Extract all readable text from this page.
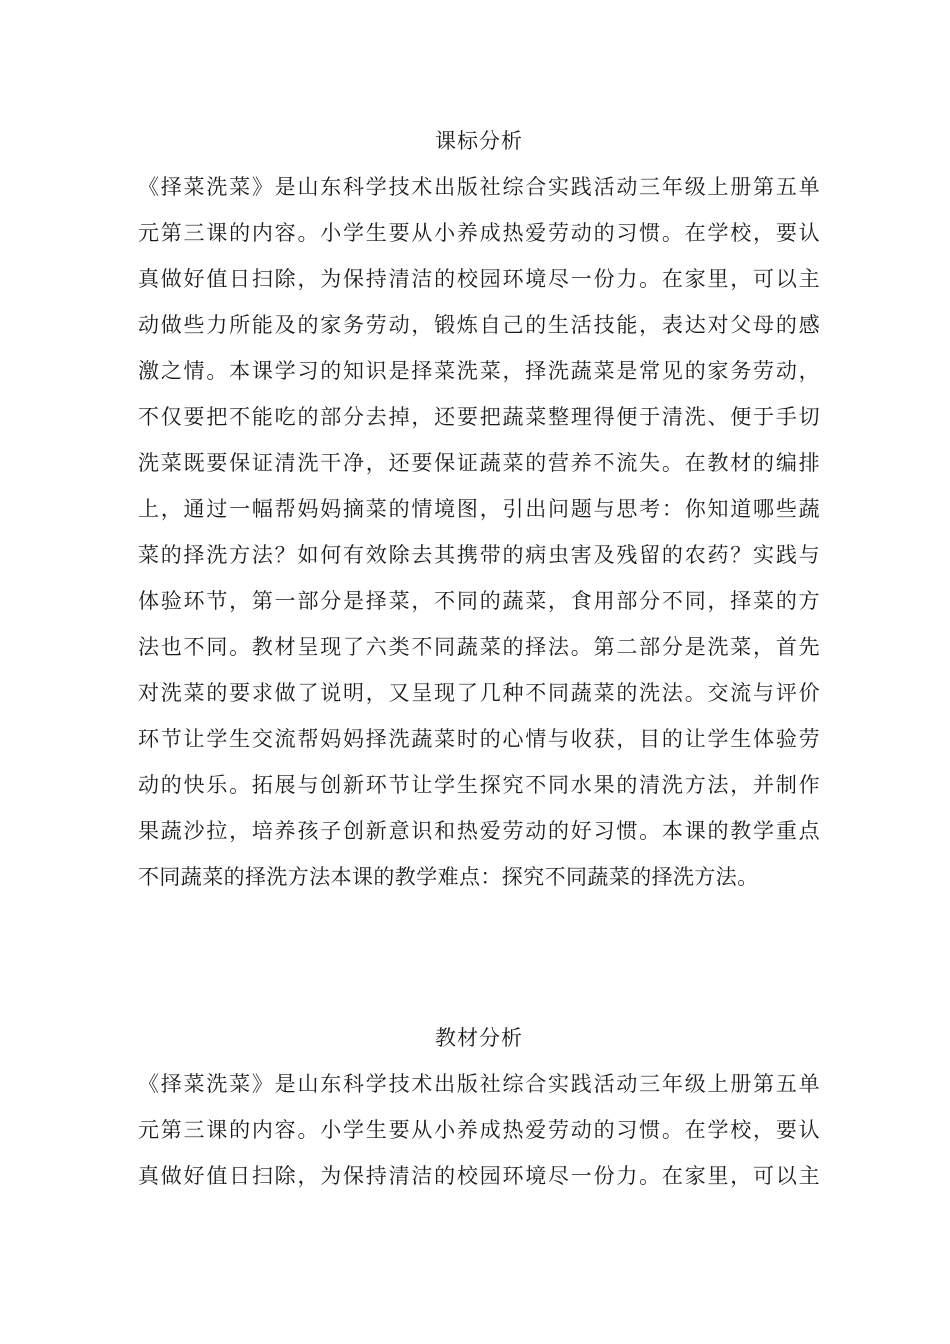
课标分析
《择菜洗菜》是山东科学技术出版社综合实践活动三年级上册第五单
元第三课的内容。小学生要从小养成热爱劳动的习惯。在学校，要认
真做好值日扫除，为保持清洁的校园环境尽一份力。在家里，可以主
动做些力所能及的家务劳动，锻炼自己的生活技能，表达对父母的感
激之情。本课学习的知识是择菜洗菜，择洗蔬菜是常见的家务劳动，
不仅要把不能吃的部分去掉，还要把蔬菜整理得便于清洗、便于手切
洗菜既要保证清洗干净，还要保证蔬菜的营养不流失。在教材的编排
上，通过一幅帮妈妈摘菜的情境图，引出问题与思考：你知道哪些蔬
菜的择洗方法？如何有效除去其携带的病虫害及残留的农药？实践与
体验环节，第一部分是择菜，不同的蔬菜，食用部分不同，择菜的方
法也不同。教材呈现了六类不同蔬菜的择法。第二部分是洗菜，首先
对洗菜的要求做了说明，又呈现了几种不同蔬菜的洗法。交流与评价
环节让学生交流帮妈妈择洗蔬菜时的心情与收获，目的让学生体验劳
动的快乐。拓展与创新环节让学生探究不同水果的清洗方法，并制作
果蔬沙拉，培养孩子创新意识和热爱劳动的好习惯。本课的教学重点
不同蔬菜的择洗方法本课的教学难点：探究不同蔬菜的择洗方法。
教材分析
《择菜洗菜》是山东科学技术出版社综合实践活动三年级上册第五单
元第三课的内容。小学生要从小养成热爱劳动的习惯。在学校，要认
真做好值日扫除，为保持清洁的校园环境尽一份力。在家里，可以主
